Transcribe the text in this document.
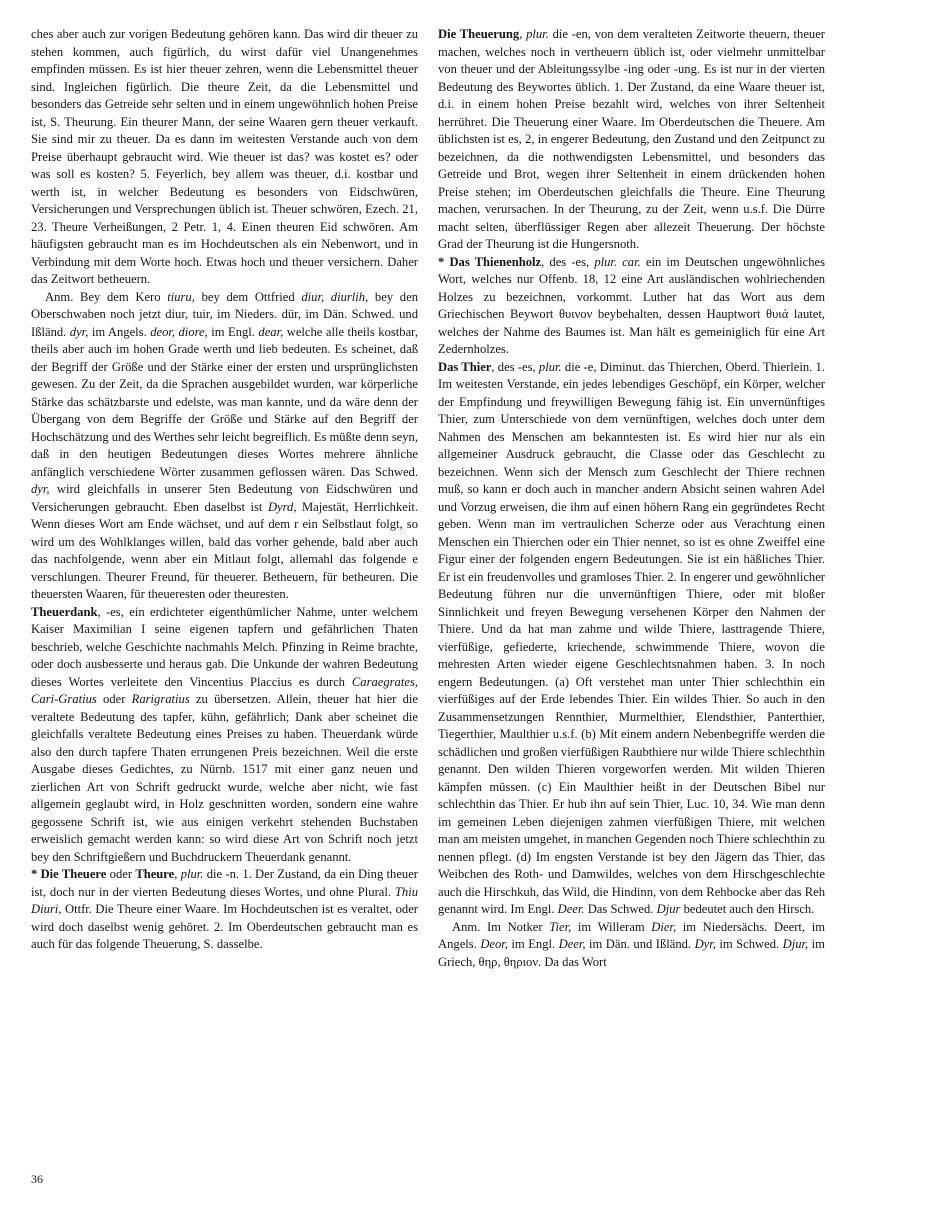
ches aber auch zur vorigen Bedeutung gehören kann. Das wird dir theuer zu stehen kommen, auch figürlich, du wirst dafür viel Unangenehmes empfinden müssen. Es ist hier theuer zehren, wenn die Lebensmittel theuer sind. Ingleichen figürlich. Die theure Zeit, da die Lebensmittel und besonders das Getreide sehr selten und in einem ungewöhnlich hohen Preise ist, S. Theurung. Ein theurer Mann, der seine Waaren gern theuer verkauft. Sie sind mir zu theuer. Da es dann im weitesten Verstande auch von dem Preise überhaupt gebraucht wird. Wie theuer ist das? was kostet es? oder was soll es kosten? 5. Feyerlich, bey allem was theuer, d.i. kostbar und werth ist, in welcher Bedeutung es besonders von Eidschwüren, Versicherungen und Versprechungen üblich ist. Theuer schwören, Ezech. 21, 23. Theure Verheißungen, 2 Petr. 1, 4. Einen theuren Eid schwören. Am häufigsten gebraucht man es im Hochdeutschen als ein Nebenwort, und in Verbindung mit dem Worte hoch. Etwas hoch und theuer versichern. Daher das Zeitwort betheuern.

Anm. Bey dem Kero tiuru, bey dem Ottfried diur, diurlih, bey den Oberschwaben noch jetzt diur, tuir, im Nieders. dür, im Dän. Schwed. und Ißländ. dyr, im Angels. deor, diore, im Engl. dear, welche alle theils kostbar, theils aber auch im hohen Grade werth und lieb bedeuten. Es scheinet, daß der Begriff der Größe und der Stärke einer der ersten und ursprünglichsten gewesen. Zu der Zeit, da die Sprachen ausgebildet wurden, war körperliche Stärke das schätzbarste und edelste, was man kannte, und da wäre denn der Übergang von dem Begriffe der Größe und Stärke auf den Begriff der Hochschätzung und des Werthes sehr leicht begreiflich. Es müßte denn seyn, daß in den heutigen Bedeutungen dieses Wortes mehrere ähnliche anfänglich verschiedene Wörter zusammen geflossen wären. Das Schwed. dyr, wird gleichfalls in unserer 5ten Bedeutung von Eidschwüren und Versicherungen gebraucht. Eben daselbst ist Dyrd, Majestät, Herrlichkeit. Wenn dieses Wort am Ende wächset, und auf dem r ein Selbstlaut folgt, so wird um des Wohlklanges willen, bald das vorher gehende, bald aber auch das nachfolgende, wenn aber ein Mitlaut folgt, allemahl das folgende e verschlungen. Theurer Freund, für theuerer. Betheuern, für betheuren. Die theuersten Waaren, für theueresten oder theuresten.

Theuerdank, -es, ein erdichteter eigenthümlicher Nahme, unter welchem Kaiser Maximilian I seine eigenen tapfern und gefährlichen Thaten beschrieb, welche Geschichte nachmahls Melch. Pfinzing in Reime brachte, oder doch ausbesserte und heraus gab. Die Unkunde der wahren Bedeutung dieses Wortes verleitete den Vincentius Placcius es durch Caraegrates, Cari-Gratius oder Rarigratius zu übersetzen. Allein, theuer hat hier die veraltete Bedeutung des tapfer, kühn, gefährlich; Dank aber scheinet die gleichfalls veraltete Bedeutung eines Preises zu haben. Theuerdank würde also den durch tapfere Thaten errungenen Preis bezeichnen. Weil die erste Ausgabe dieses Gedichtes, zu Nürnb. 1517 mit einer ganz neuen und zierlichen Art von Schrift gedruckt wurde, welche aber nicht, wie fast allgemein geglaubt wird, in Holz geschnitten worden, sondern eine wahre gegossene Schrift ist, wie aus einigen verkehrt stehenden Buchstaben erweislich gemacht werden kann: so wird diese Art von Schrift noch jetzt bey den Schriftgießern und Buchdruckern Theuerdank genannt.

* Die Theuere oder Theure, plur. die -n. 1. Der Zustand, da ein Ding theuer ist, doch nur in der vierten Bedeutung dieses Wortes, und ohne Plural. Thiu Diuri, Ottfr. Die Theure einer Waare. Im Hochdeutschen ist es veraltet, oder wird doch daselbst wenig gehöret. 2. Im Oberdeutschen gebraucht man es auch für das folgende Theuerung, S. dasselbe.

Die Theuerung, plur. die -en, von dem veralteten Zeitworte theuern, theuer machen, welches noch in vertheuern üblich ist, oder vielmehr unmittelbar von theuer und der Ableitungssylbe -ing oder -ung. Es ist nur in der vierten Bedeutung des Beywortes üblich. 1. Der Zustand, da eine Waare theuer ist, d.i. in einem hohen Preise bezahlt wird, welches von ihrer Seltenheit herrühret. Die Theuerung einer Waare. Im Oberdeutschen die Theuere. Am üblichsten ist es, 2, in engerer Bedeutung, den Zustand und den Zeitpunct zu bezeichnen, da die nothwendigsten Lebensmittel, und besonders das Getreide und Brot, wegen ihrer Seltenheit in einem drückenden hohen Preise stehen; im Oberdeutschen gleichfalls die Theure. Eine Theurung machen, verursachen. In der Theurung, zu der Zeit, wenn u.s.f. Die Dürre macht selten, überflüssiger Regen aber allezeit Theuerung. Der höchste Grad der Theurung ist die Hungersnoth.

* Das Thienenholz, des -es, plur. car. ein im Deutschen ungewöhnliches Wort, welches nur Offenb. 18, 12 eine Art ausländischen wohlriechenden Holzes zu bezeichnen, vorkommt. Luther hat das Wort aus dem Griechischen Beywort θυινον beybehalten, dessen Hauptwort θυιά lautet, welches der Nahme des Baumes ist. Man hält es gemeiniglich für eine Art Zedernholzes.

Das Thier, des -es, plur. die -e, Diminut. das Thierchen, Oberd. Thierlein. 1. Im weitesten Verstande, ein jedes lebendiges Geschöpf, ein Körper, welcher der Empfindung und freywilligen Bewegung fähig ist. Ein unvernünftiges Thier, zum Unterschiede von dem vernünftigen, welches doch unter dem Nahmen des Menschen am bekanntesten ist. Es wird hier nur als ein allgemeiner Ausdruck gebraucht, die Classe oder das Geschlecht zu bezeichnen. Wenn sich der Mensch zum Geschlecht der Thiere rechnen muß, so kann er doch auch in mancher andern Absicht seinen wahren Adel und Vorzug erweisen, die ihm auf einen höhern Rang ein gegründetes Recht geben. Wenn man im vertraulichen Scherze oder aus Verachtung einen Menschen ein Thierchen oder ein Thier nennet, so ist es ohne Zweiffel eine Figur einer der folgenden engern Bedeutungen. Sie ist ein häßliches Thier. Er ist ein freudenvolles und gramloses Thier. 2. In engerer und gewöhnlicher Bedeutung führen nur die unvernünftigen Thiere, oder mit bloßer Sinnlichkeit und freyen Bewegung versehenen Körper den Nahmen der Thiere. Und da hat man zahme und wilde Thiere, lasttragende Thiere, vierfüßige, gefiederte, kriechende, schwimmende Thiere, wovon die mehresten Arten wieder eigene Geschlechtsnahmen haben. 3. In noch engern Bedeutungen. (a) Oft verstehet man unter Thier schlechthin ein vierfüßiges auf der Erde lebendes Thier. Ein wildes Thier. So auch in den Zusammensetzungen Rennthier, Murmelthier, Elendsthier, Panterthier, Tiegerthier, Maulthier u.s.f. (b) Mit einem andern Nebenbegriffe werden die schädlichen und großen vierfüßigen Raubthiere nur wilde Thiere schlechthin genannt. Den wilden Thieren vorgeworfen werden. Mit wilden Thieren kämpfen müssen. (c) Ein Maulthier heißt in der Deutschen Bibel nur schlechthin das Thier. Er hub ihn auf sein Thier, Luc. 10, 34. Wie man denn im gemeinen Leben diejenigen zahmen vierfüßigen Thiere, mit welchen man am meisten umgehet, in manchen Gegenden noch Thiere schlechthin zu nennen pflegt. (d) Im engsten Verstande ist bey den Jägern das Thier, das Weibchen des Roth- und Damwildes, welches von dem Hirschgeschlechte auch die Hirschkuh, das Wild, die Hindinn, von dem Rehbocke aber das Reh genannt wird. Im Engl. Deer. Das Schwed. Djur bedeutet auch den Hirsch.

Anm. Im Notker Tier, im Willeram Dier, im Niedersächs. Deert, im Angels. Deor, im Engl. Deer, im Dän. und Ißländ. Dyr, im Schwed. Djur, im Griech, θηρ, θηριον. Da das Wort

36
